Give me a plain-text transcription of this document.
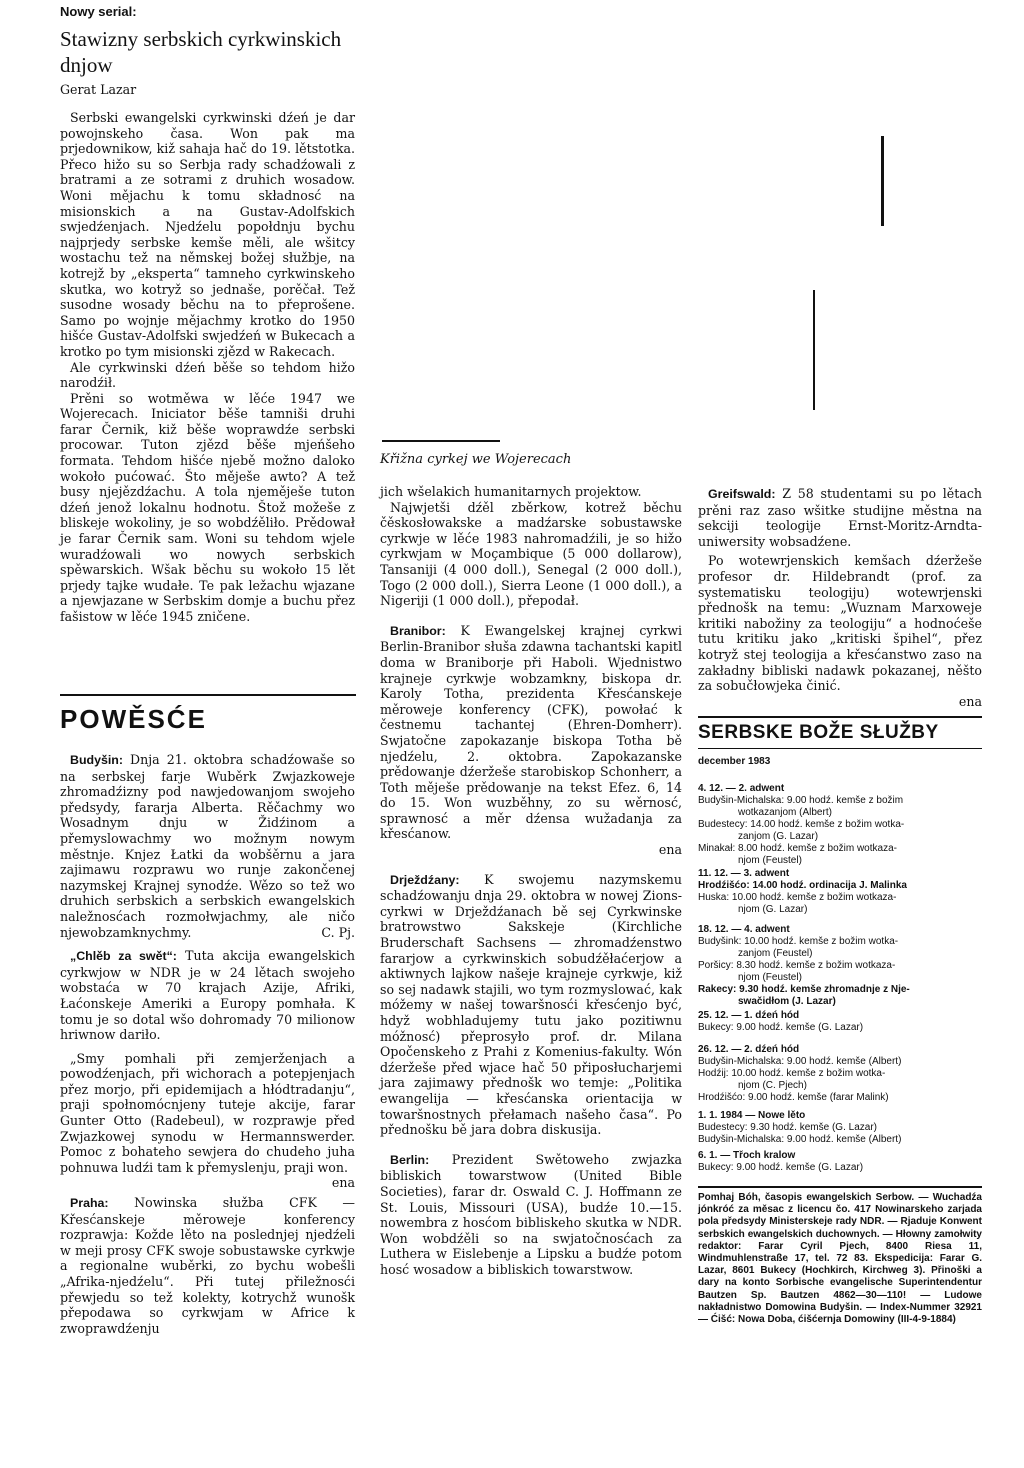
Nowy serial:
Stawizny serbskich cyrkwinskich dnjow
Gerat Lazar

Serbski ewangelski cyrkwinski dźeń je dar powojnskeho časa. Won pak ma prjedownikow, kiž sahaja hač do 19. lětstotka. Přeco hižo su so Serbja rady schadźowali z bratrami a ze sotrami z druhich wosadow. Woni mějachu k tomu składnosć na misionskich a na Gustav-Adolfskich swjedźenjach. Njedźelu popołdnju bychu najprjedy serbske kemše měli, ale wšitcy wostachu tež na němskej božej słužbje, na kotrejž by „eksperta“ tamneho cyrkwinskeho skutka, wo kotryž so jednaše, porěčał. Tež susodne wosady běchu na to přeprošene. Samo po wojnje mějachmy krotko do 1950 hišće Gustav-Adolfski swjedźeń w Bukecach a krotko po tym misionski zjězd w Rakecach.

Ale cyrkwinski dźeń běše so tehdom hižo narodźił.

Prěni so wotměwa w lěće 1947 we Wojerecach. Iniciator běše tamniši druhi farar Černik, kiž běše woprawdźe serbski procowar. Tuton zjězd běše mjeńšeho formata. Tehdom hišće njebě možno daloko wokoło pućować. Što měješe awto? A tež busy njejězdźachu. A tola njeměješe tuton dźeń jenož lokalnu hodnotu. Štož možeše z bliskeje wokoliny, je so wobdźěliło. Prědował je farar Černik sam. Woni su tehdom wjele wuradźowali wo nowych serbskich spěwarskich. Wšak běchu su wokoło 15 lět prjedy tajke wudałe. Te pak ležachu wjazane a njewjazane w Serbskim domje a buchu přez fašistow w lěće 1945 zničene.

POWĚSĆE

Budyšin: Dnja 21. oktobra schadźowaše so na serbskej farje Wuběrk Zwjazkoweje zhromadźizny pod nawjedowanjom swojeho předsydy, fararja Alberta. Rěčachmy wo Wosadnym dnju w Židźinom a přemyslowachmy wo možnym nowym městnje. Knjez Łatki da wobšěrnu a jara zajimawu rozprawu wo runje zakončenej nazymskej Krajnej synodźe. Wězo so tež wo druhich serbskich a serbskich ewangelskich naležnosćach rozmołwjachmy, ale ničo njewobzamknychmy.	C. Pj.

„Chlěb za swět“: Tuta akcija ewangelskich cyrkwjow w NDR je w 24 lětach swojeho wobstaća w 70 krajach Azije, Afriki, Łaćonskeje Ameriki a Europy pomhała. K tomu je so dotal wšo dohromady 70 milionow hriwnow dariło.

„Smy pomhali při zemjerženjach a powodźenjach, při wichorach a potepjenjach přez morjo, při epidemijach a hłódtradanju“, praji społnomócnjeny tuteje akcije, farar Gunter Otto (Radebeul), w rozprawje před Zwjazkowej synodu w Hermannswerder. Pomoc z bohateho sewjera do chudeho juha pohnuwa ludźi tam k přemyslenju, praji won.

ena

Praha: Nowinska słužba CFK — Křesćanskeje měroweje konferency rozprawja: Kožde lěto na poslednjej njedźeli w meji prosy CFK swoje sobustawske cyrkwje a regionalne wuběrki, zo bychu wobešli „Afrika-njedźelu“. Při tutej přiležnosći přewjedu so tež kolekty, kotrychž wunošk přepodawa so cyrkwjam w Africe k zwoprawdźenju

Křižna cyrkej we Wojerecach

jich wšelakich humanitarnych projektow.

Najwjetši dźěl zběrkow, kotrež běchu čěskosłowakske a madźarske sobustawske cyrkwje w lěće 1983 nahromadźili, je so hižo cyrkwjam w Moçambique (5 000 dollarow), Tansaniji (4 000 doll.), Senegal (2 000 doll.), Togo (2 000 doll.), Sierra Leone (1 000 doll.), a Nigeriji (1 000 doll.), přepodał.

Branibor: K Ewangelskej krajnej cyrkwi Berlin-Branibor słuša zdawna tachantski kapitl doma w Braniborje při Haboli. Wjednistwo krajneje cyrkwje wobzamkny, biskopa dr. Karoly Totha, prezidenta Křesćanskeje měroweje konferency (CFK), powołać k čestnemu tachantej (Ehren-Domherr). Swjatočne zapokazanje biskopa Totha bě njedźelu, 2. oktobra. Zapokazanske prědowanje dźeržeše starobiskop Schonherr, a Toth měješe prědowanje na tekst Efez. 6, 14 do 15. Won wuzběhny, zo su wěrnosć, sprawnosć a měr dźensa wužadanja za křesćanow.

ena

Drježdźany: K swojemu nazymskemu schadźowanju dnja 29. oktobra w nowej Zions-cyrkwi w Drježdźanach bě sej Cyrkwinske bratrowstwo Sakskeje (Kirchliche Bruderschaft Sachsens — zhromadźenstwo fararjow a cyrkwinskich sobudźěłaćerjow a aktiwnych lajkow našeje krajneje cyrkwje, kiž so sej nadawk stajili, wo tym rozmyslować, kak móžemy w našej towaršnosći křesćenjo być, hdyž wobhladujemy tutu jako pozitiwnu móžnosć) přeprosyło prof. dr. Milana Opočenskeho z Prahi z Komenius-fakulty. Wón dźeržeše před wjace hač 50 připosłucharjemi jara zajimawy přednošk wo temje: „Politika ewangelija — křesćanska orientacija w towaršnostnych přełamach našeho časa“. Po přednošku bě jara dobra diskusija.

Berlin: Prezident Swětoweho zwjazka bibliskich towarstwow (United Bible Societies), farar dr. Oswald C. J. Hoffmann ze St. Louis, Missouri (USA), budźe 10.—15. nowembra z hosćom bibliskeho skutka w NDR. Won wobdźěli so na swjatočnosćach za Luthera w Eislebenje a Lipsku a budźe potom hosć wosadow a bibliskich towarstwow.

Greifswald: Z 58 studentami su po lětach prěni raz zaso wšitke studijne městna na sekciji teologije Ernst-Moritz-Arndta-uniwersity wobsadźene.

Po wotewrjenskich kemšach dźeržeše profesor dr. Hildebrandt (prof. za systematisku teologiju) wotewrjenski přednošk na temu: „Wuznam Marxoweje kritiki nabožiny za teologiju“ a hodnoćeše tutu kritiku jako „kritiski špihel“, přez kotryž stej teologija a křesćanstwo zaso na zakładny bibliski nadawk pokazanej, něšto za sobučłowjeka činić.

ena

SERBSKE BOŽE SŁUŽBY
december 1983
4. 12. — 2. adwent
Budyšin-Michalska: 9.00 hodź. kemše z božim
wotkazanjom (Albert)
Budestecy: 14.00 hodź. kemše z božim wotka-
zanjom (G. Lazar)
Minakał: 8.00 hodź. kemše z božim wotkaza-
njom (Feustel)
11. 12. — 3. adwent
Hrodźišćo: 14.00 hodź. ordinacija J. Malinka
Huska: 10.00 hodź. kemše z božim wotkaza-
njom (G. Lazar)
18. 12. — 4. adwent
Budyšink: 10.00 hodź. kemše z božim wotka-
zanjom (Feustel)
Poršicy: 8.30 hodź. kemše z božim wotkaza-
njom (Feustel)
Rakecy: 9.30 hodź. kemše zhromadnje z Nje-
swačidłom (J. Lazar)
25. 12. — 1. dźeń hód
Bukecy: 9.00 hodź. kemše (G. Lazar)
26. 12. — 2. dźeń hód
Budyšin-Michalska: 9.00 hodź. kemše (Albert)
Hodźij: 10.00 hodź. kemše z božim wotka-
njom (C. Pjech)
Hrodźišćo: 9.00 hodź. kemše (farar Malink)
1. 1. 1984 — Nowe lěto
Budestecy: 9.30 hodź. kemše (G. Lazar)
Budyšin-Michalska: 9.00 hodź. kemše (Albert)
6. 1. — Třoch kralow
Bukecy: 9.00 hodź. kemše (G. Lazar)
Pomhaj Bóh, časopis ewangelskich Serbow. — Wuchadźa jónkróć za měsac z licencu čo. 417 Nowinarskeho zarjada pola předsydy Ministerskeje rady NDR. — Rjaduje Konwent serbskich ewangelskich duchownych. — Hłowny zamołwity redaktor: Farar Cyril Pjech, 8400 Riesa 11, Windmuhlenstraße 17, tel. 72 83. Ekspedicija: Farar G. Lazar, 8601 Bukecy (Hochkirch, Kirchweg 3). Přinoški a dary na konto Sorbische evangelische Superintendentur Bautzen Sp. Bautzen 4862—30—110! — Ludowe nakładnistwo Domowina Budyšin. — Index-Nummer 32921 — Ćišć: Nowa Doba, ćišćernja Domowiny (III-4-9-1884)
